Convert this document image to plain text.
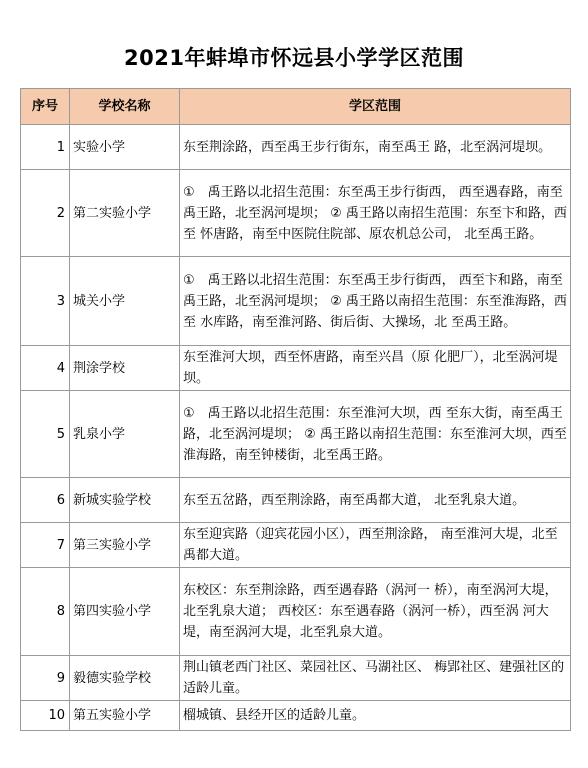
2021年蚌埠市怀远县小学学区范围
序号	学校名称	学区范围
1	实验小学	东至荆涂路，西至禹王步行街东，南至禹王 路，北至涡河堤坝。
2	第二实验小学	①　禹王路以北招生范围：东至禹王步行街西， 西至遇春路，南至禹王路，北至涡河堤坝； ② 禹王路以南招生范围：东至卞和路，西至 怀唐路，南至中医院住院部、原农机总公司， 北至禹王路。
3	城关小学	①　禹王路以北招生范围：东至禹王步行街西， 西至卞和路，南至禹王路，北至涡河堤坝； ② 禹王路以南招生范围：东至淮海路，西至 水库路，南至淮河路、街后街、大操场，北 至禹王路。
4	荆涂学校	东至淮河大坝，西至怀唐路，南至兴昌（原 化肥厂），北至涡河堤坝。
5	乳泉小学	①　禹王路以北招生范围：东至淮河大坝，西 至东大街，南至禹王路，北至涡河堤坝； ② 禹王路以南招生范围：东至淮河大坝，西至淮海路，南至钟楼街，北至禹王路。
6	新城实验学校	东至五岔路，西至荆涂路，南至禹都大道， 北至乳泉大道。
7	第三实验小学	东至迎宾路（迎宾花园小区），西至荆涂路， 南至淮河大堤，北至禹都大道。
8	第四实验小学	东校区：东至荆涂路，西至遇春路（涡河一 桥），南至涡河大堤，北至乳泉大道； 西校区：东至遇春路（涡河一桥），西至涡 河大堤，南至涡河大堤，北至乳泉大道。
9	毅德实验学校	荆山镇老西门社区、菜园社区、马湖社区、 梅郢社区、建强社区的适龄儿童。
10	第五实验小学	榴城镇、县经开区的适龄儿童。
